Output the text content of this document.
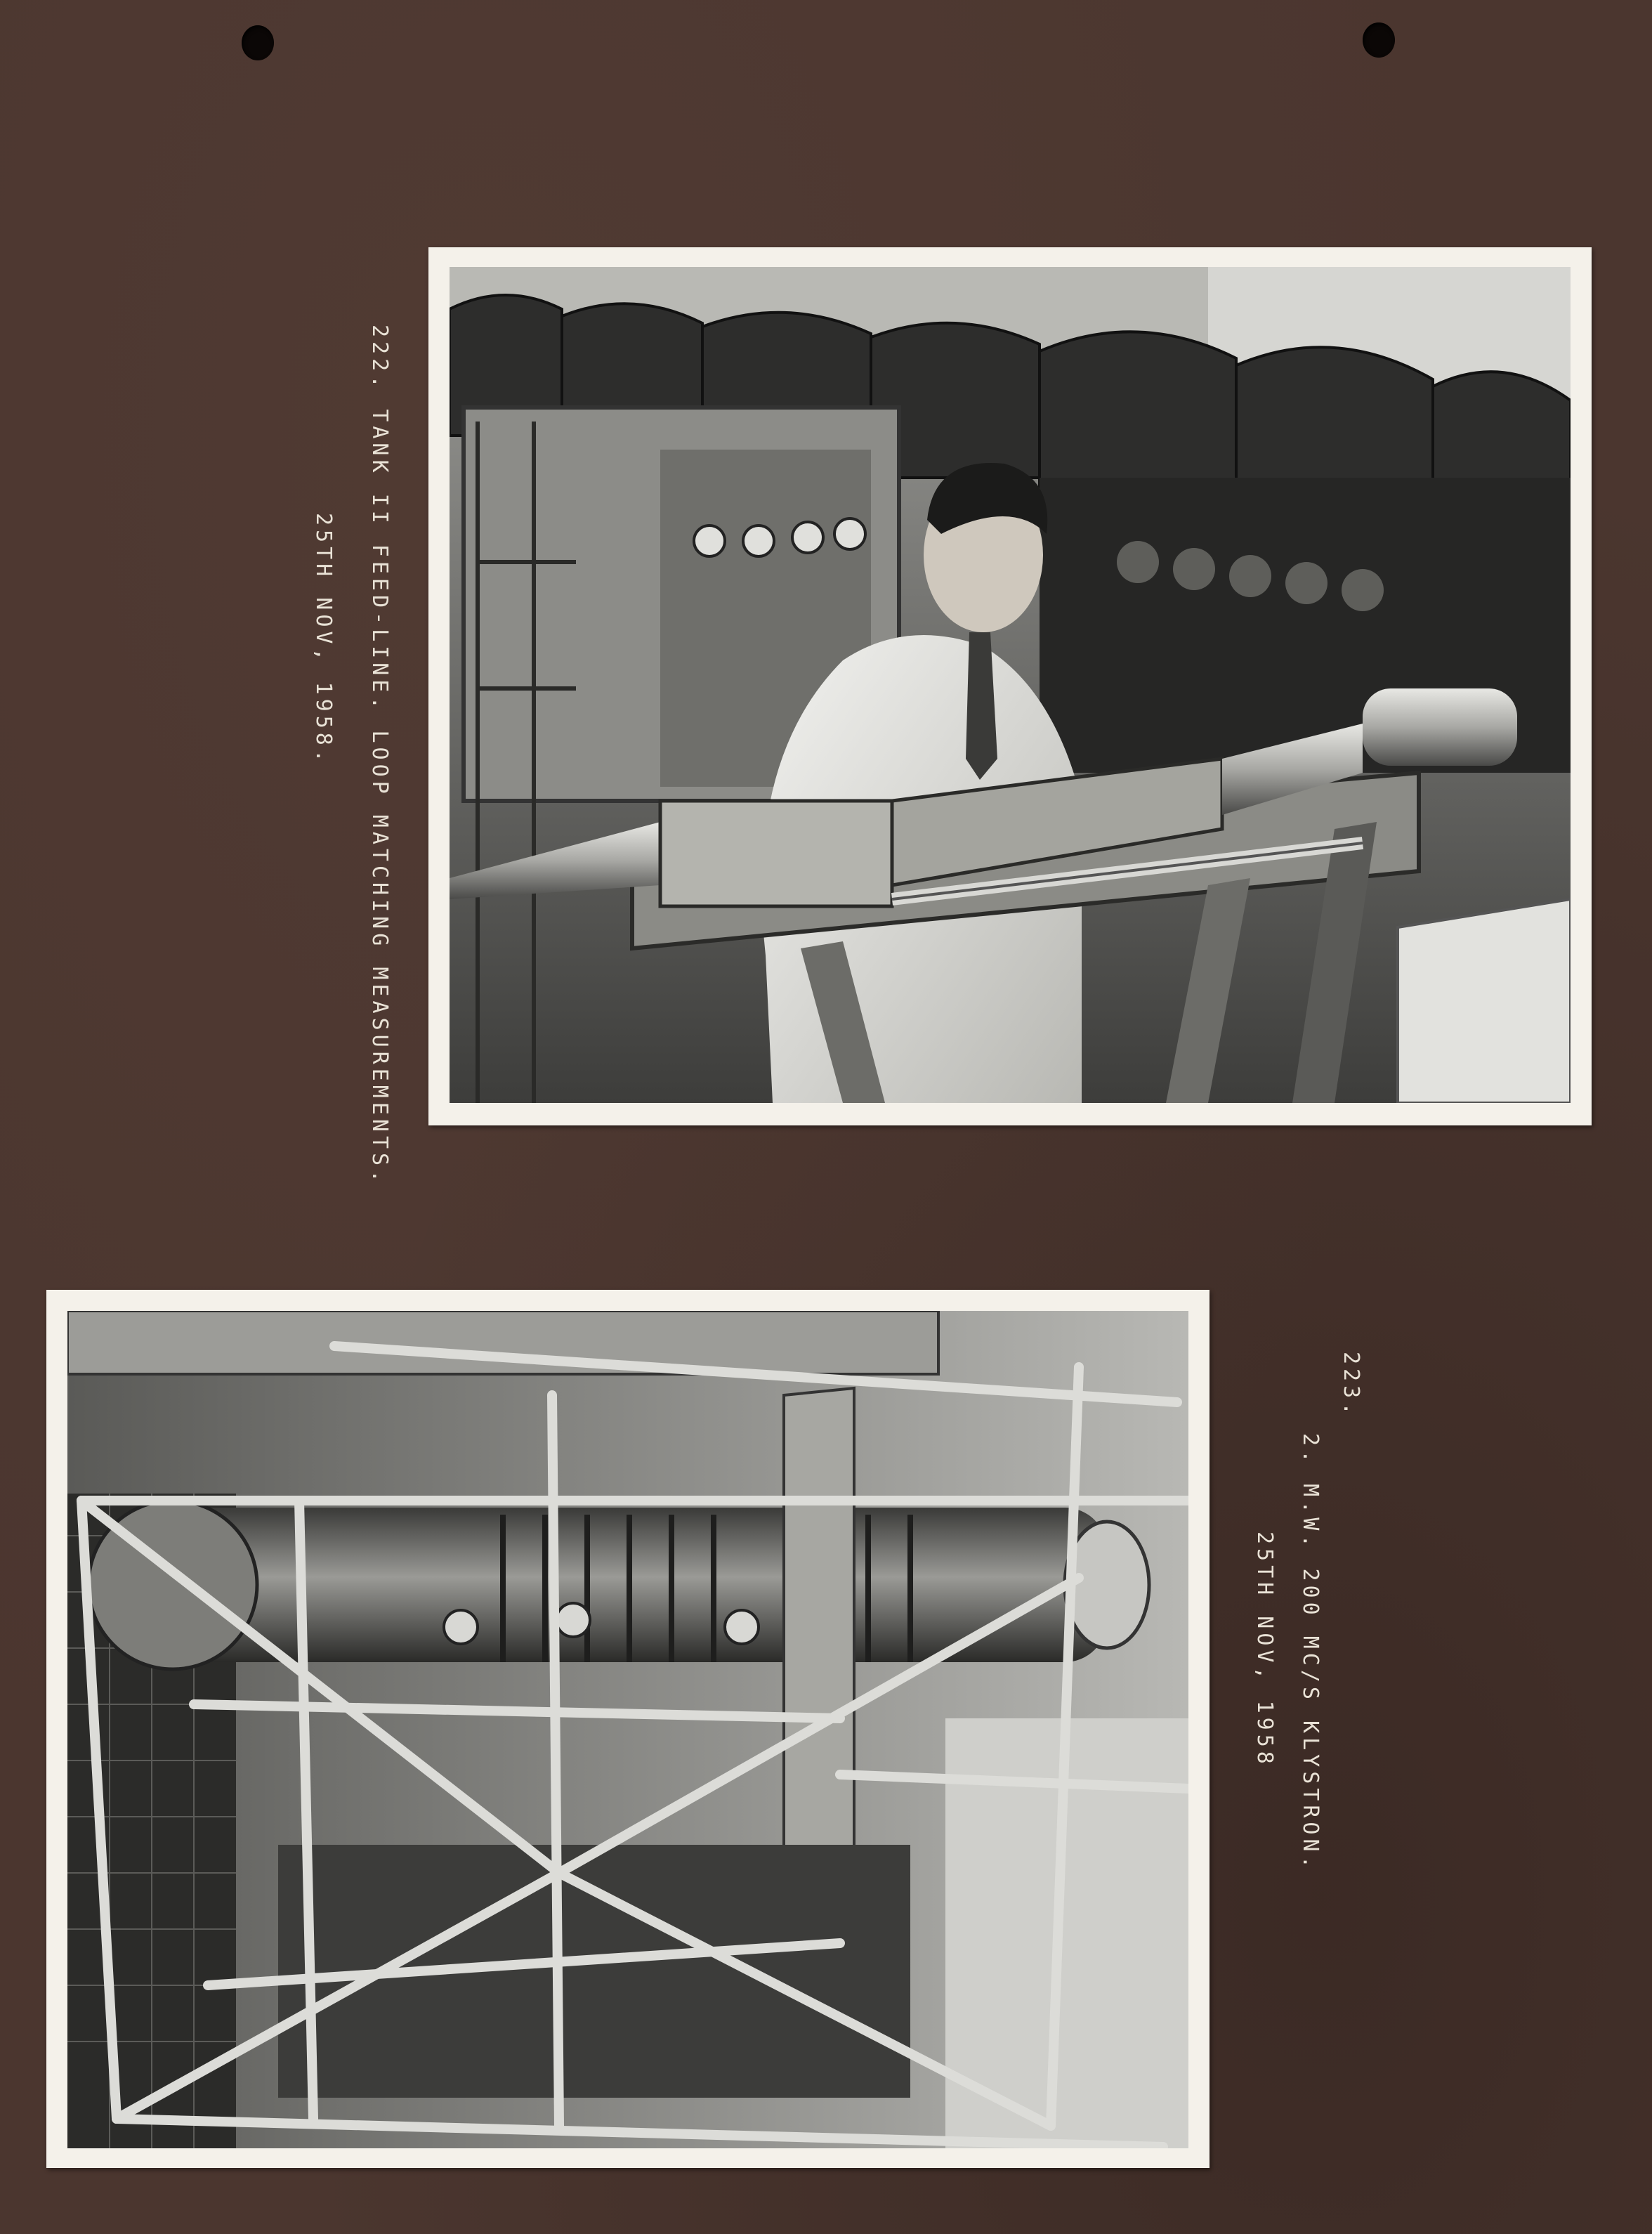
222. TANK II FEED-LINE. LOOP MATCHING MEASUREMENTS.
25TH NOV, 1958.
223.
2. M.W. 200 MC/S KLYSTRON.
25TH NOV, 1958
